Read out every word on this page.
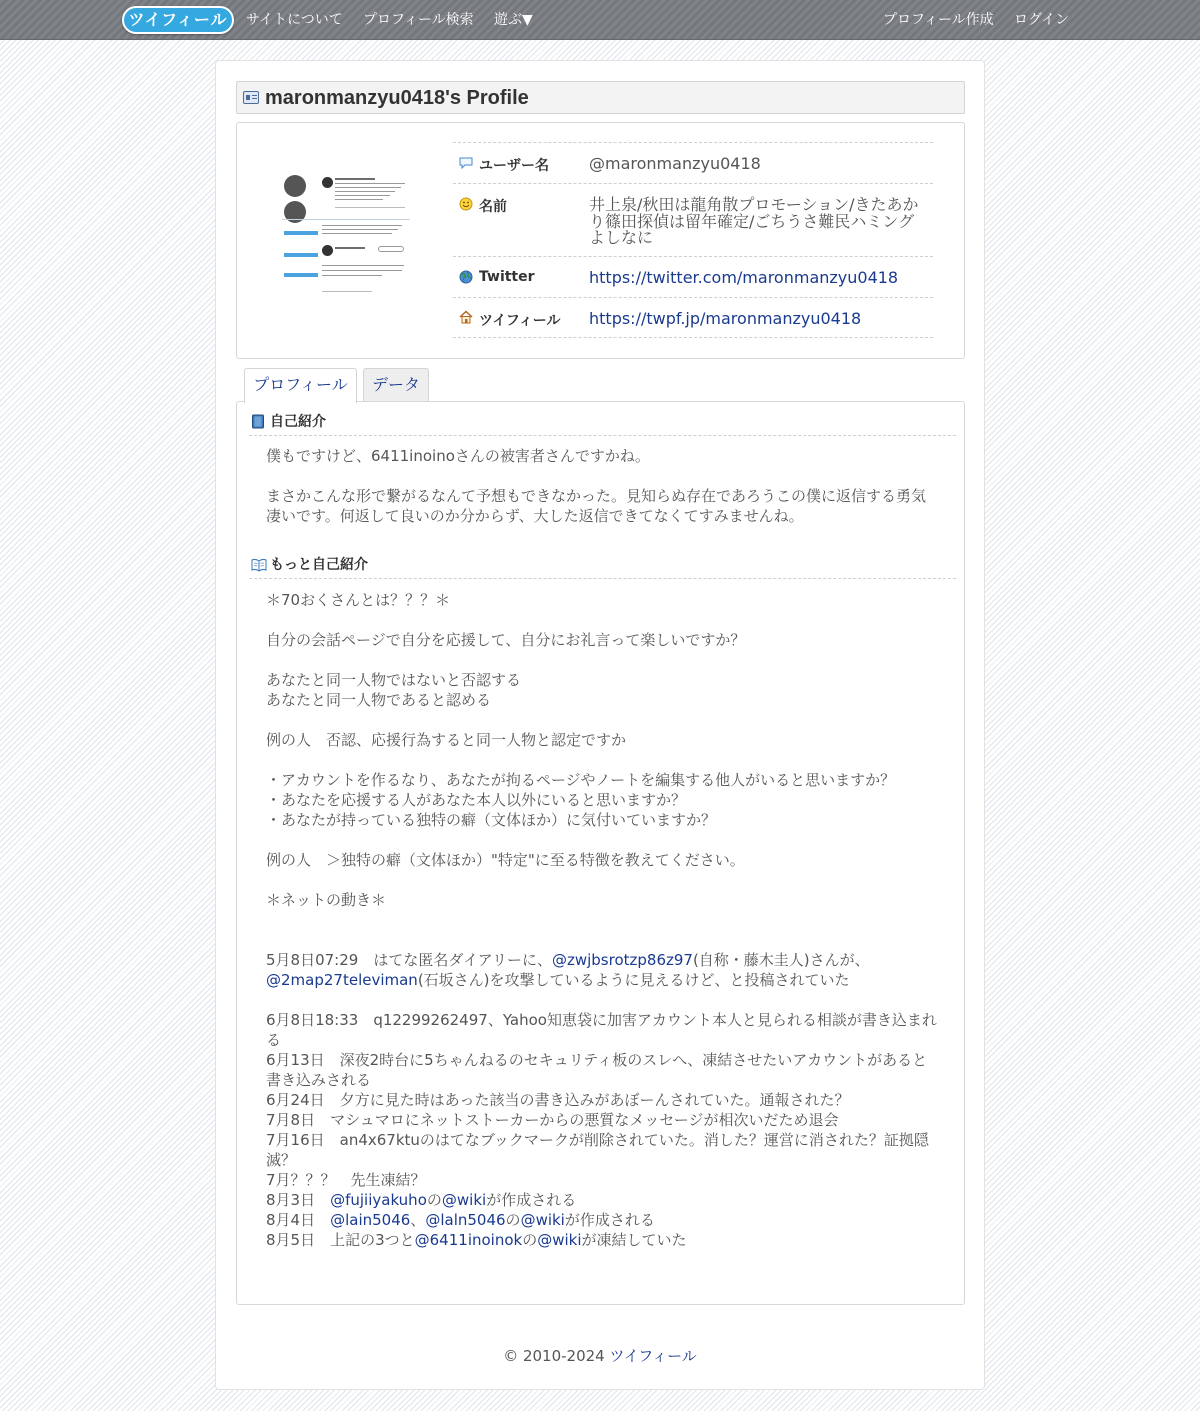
ツイフィール	サイトについて プロフィール検索 遊ぶ▼	プロフィール作成 ログイン
maronmanzyu0418's Profile
ユーザー名	@maronmanzyu0418
名前	井上泉/秋田は龍角散プロモーション/きたあかり篠田探偵は留年確定/ごちうさ難民ハミングよしなに
Twitter	https://twitter.com/maronmanzyu0418
ツイフィール https://twpf.jp/maronmanzyu0418
プロフィール	データ
自己紹介

僕もですけど、6411inoinoさんの被害者さんですかね。

まさかこんな形で繋がるなんて予想もできなかった。見知らぬ存在であろうこの僕に返信する勇気凄いです。何返して良いのか分からず、大した返信できてなくてすみませんね。

もっと自己紹介

＊70おくさんとは？？？＊

自分の会話ページで自分を応援して、自分にお礼言って楽しいですか？

あなたと同一人物ではないと否認する
あなたと同一人物であると認める

例の人　否認、応援行為すると同一人物と認定ですか

・アカウントを作るなり、あなたが拘るページやノートを編集する他人がいると思いますか？
・あなたを応援する人があなた本人以外にいると思いますか？
・あなたが持っている独特の癖（文体ほか）に気付いていますか？

例の人　＞独特の癖（文体ほか）"特定"に至る特徴を教えてください。

＊ネットの動き＊

5月8日07:29　はてな匿名ダイアリーに、@zwjbsrotzp86z97(自称・藤木圭人)さんが、@2map27televiman(石坂さん)を攻撃しているように見えるけど、と投稿されていた

6月8日18:33　q12299262497、Yahoo知恵袋に加害アカウント本人と見られる相談が書き込まれる
6月13日　深夜2時台に5ちゃんねるのセキュリティ板のスレへ、凍結させたいアカウントがあると書き込みされる
6月24日　夕方に見た時はあった該当の書き込みがあぼーんされていた。通報された？
7月8日　マシュマロにネットストーカーからの悪質なメッセージが相次いだため退会
7月16日　an4x67ktuのはてなブックマークが削除されていた。消した？運営に消された？証拠隠滅？
7月？？？　先生凍結？

8月3日　@fujiiyakuhoの@wikiが作成される

8月4日　@lain5046、@laln5046の@wikiが作成される

8月5日　上記の3つと@6411inoinokの@wikiが凍結していた

© 2010-2024 ツイフィール
